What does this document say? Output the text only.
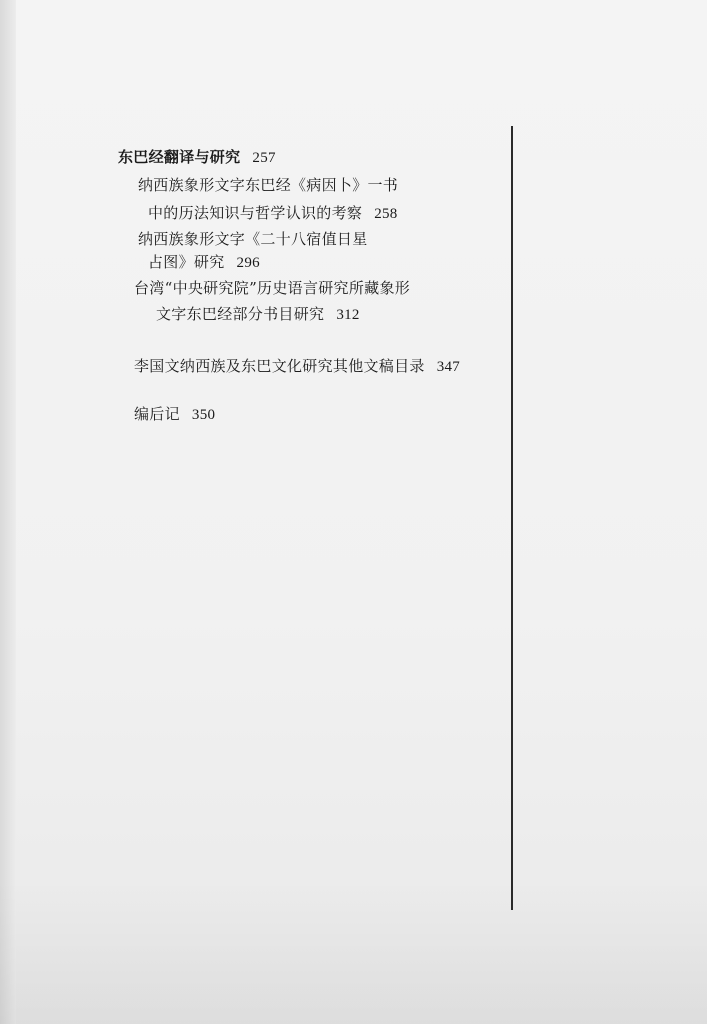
东巴经翻译与研究 257
纳西族象形文字东巴经《病因卜》一书
中的历法知识与哲学认识的考察 258
纳西族象形文字《二十八宿值日星
占图》研究 296
台湾“中央研究院”历史语言研究所藏象形
文字东巴经部分书目研究 312
李国文纳西族及东巴文化研究其他文稿目录 347
编后记 350
